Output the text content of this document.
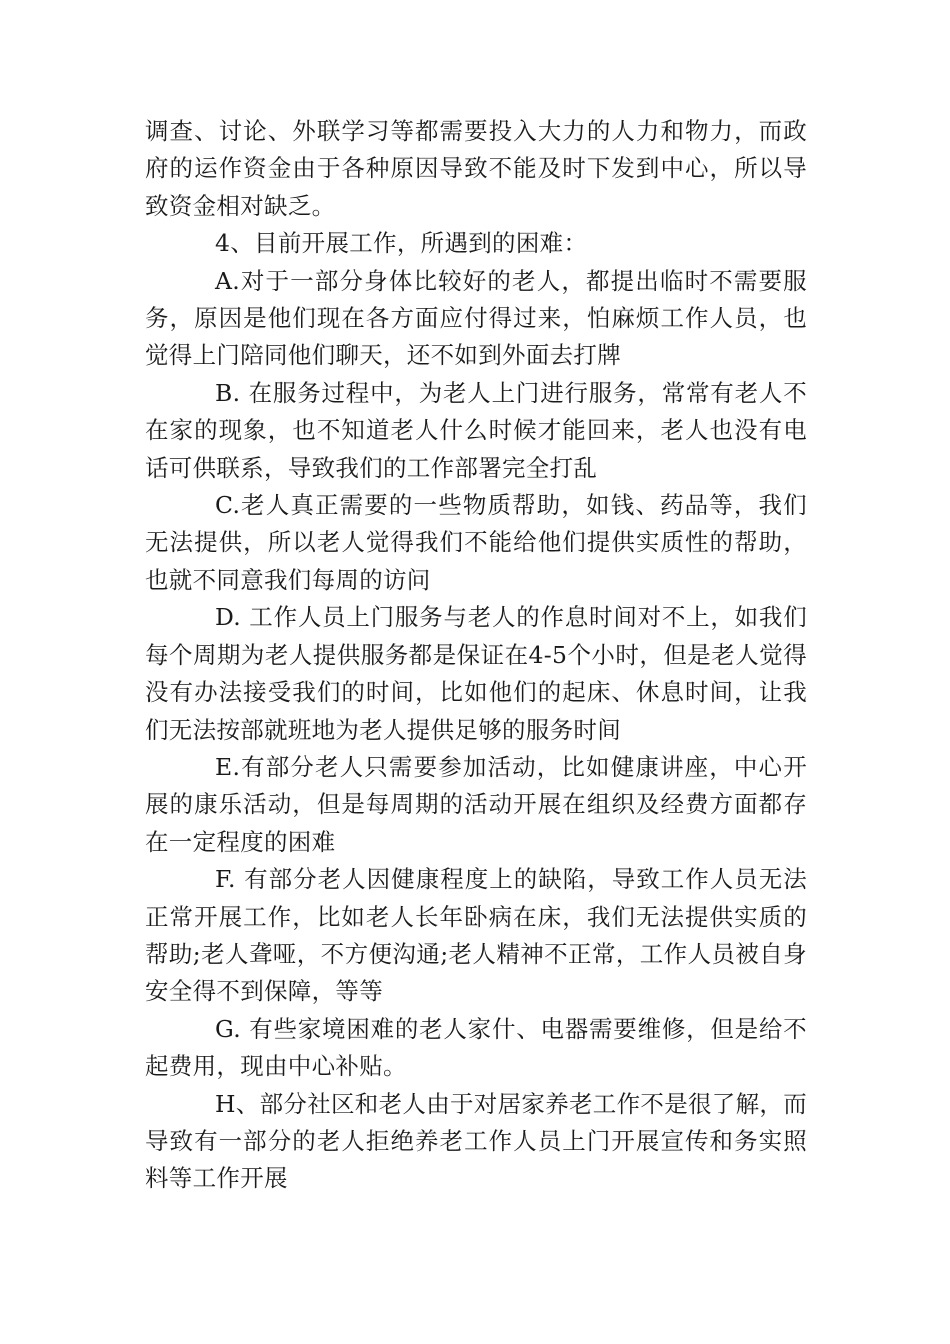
调查、讨论、外联学习等都需要投入大力的人力和物力，而政府的运作资金由于各种原因导致不能及时下发到中心，所以导致资金相对缺乏。

4、目前开展工作，所遇到的困难：

A.对于一部分身体比较好的老人，都提出临时不需要服务，原因是他们现在各方面应付得过来，怕麻烦工作人员，也觉得上门陪同他们聊天，还不如到外面去打牌

B. 在服务过程中，为老人上门进行服务，常常有老人不在家的现象，也不知道老人什么时候才能回来，老人也没有电话可供联系，导致我们的工作部署完全打乱

C.老人真正需要的一些物质帮助，如钱、药品等，我们无法提供，所以老人觉得我们不能给他们提供实质性的帮助，也就不同意我们每周的访问

D. 工作人员上门服务与老人的作息时间对不上，如我们每个周期为老人提供服务都是保证在4-5个小时，但是老人觉得没有办法接受我们的时间，比如他们的起床、休息时间，让我们无法按部就班地为老人提供足够的服务时间

E.有部分老人只需要参加活动，比如健康讲座，中心开展的康乐活动，但是每周期的活动开展在组织及经费方面都存在一定程度的困难

F. 有部分老人因健康程度上的缺陷，导致工作人员无法正常开展工作，比如老人长年卧病在床，我们无法提供实质的帮助;老人聋哑，不方便沟通;老人精神不正常，工作人员被自身安全得不到保障，等等

G. 有些家境困难的老人家什、电器需要维修，但是给不起费用，现由中心补贴。

H、部分社区和老人由于对居家养老工作不是很了解，而导致有一部分的老人拒绝养老工作人员上门开展宣传和务实照料等工作开展
